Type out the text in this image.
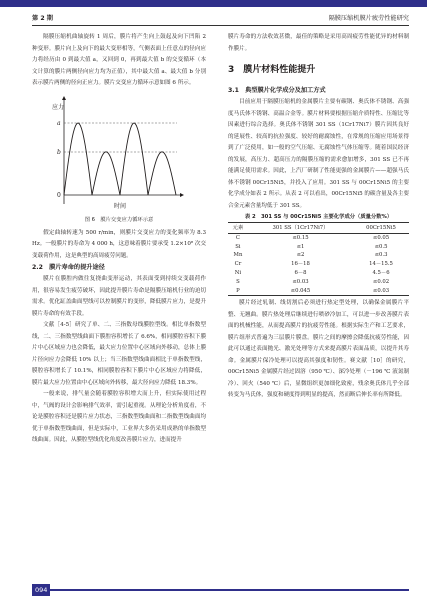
第 2 期	隔膜压缩机膜片疲劳性能研究

隔膜压缩机曲轴旋转 1 周后，膜片将产生向上鼓起及向下凹陷 2 种变形。膜片向上及向下的最大变形相等，气侧表面上任意点的径向应力将经历由 0 到最大值 a，又回到 0，再到最大值 b 的交变循环（本文计算的膜片两侧径向应力均为正值），其中最大值 a、最大值 b 分别表示膜片两侧的径向正应力。膜片交变应力循环示意如图 6 所示。

应力
a
b
0
时间
图 6　膜片交变应力循环示意

假定曲轴转速为 500 r/min，则膜片交变应力的变化频率为 8.3 Hz。一般膜片的寿命为 4 000 h，这意味着膜片要承受 1.2×10⁸ 次交变载荷作用，这是典型的高周疲劳问题。

2.2　膜片寿命的提升途径

膜片在膜腔内做往复挠曲变形运动，其表面受到持续交变载荷作用，很容易发生疲劳破坏，因此提升膜片寿命是隔膜压缩机行业的迫切需求。优化缸盖曲面型线可以控制膜片的变形，降低膜片应力，是提升膜片寿命的有效手段。

文献［4-5］研究了单、二、三指数母线膜腔型线。相比单指数型线，二、三指数型线曲面下膜腔容积增长了 6.6%，相同膜腔容积下膜片中心区域应力也会降低，最大应力位置中心区域向外移动，总体上膜片径向应力会降低 10% 以上；当三指数型线曲面相比于单指数型线，膜腔容积增长了 10.1%，相同膜腔容积下膜片中心区域应力将降低，膜片最大应力位置由中心区域向外转移，最大径向应力降低 18.3%。

一般来说，排气量会随着膜腔容积增大而上升，但实际使用过程中，气阀的设计会影响排气效率，需引起重视。从理论分析角度看，不论是膜腔容积还是膜片应力状态，三指数型线曲面和二指数型线曲面均优于单指数型线曲面，但是实际中，工业界大多仍采用成熟的单指数型线曲面。因此，从膜腔型线优化角度改善膜片应力，进而提升

膜片寿命的方法收效甚微，最佳的策略是采用高周疲劳性能优异的材料制作膜片。

3　膜片材料性能提升
3.1　典型膜片化学成分及加工方式

目前应用于隔膜压缩机的金属膜片主要有碳钢、奥氏体不锈钢、高强度马氏体不锈钢、高温合金等。膜片材料要根据压缩介质特性、压缩比等因素进行综合选择。奥氏体不锈钢 301 SS（1Cr17Ni7）膜片因其良好的延展性、较高的抗拉强度、较好的耐腐蚀性，在常规的压缩应用场景得到了广泛使用，如一般的空气压缩、无腐蚀性气体压缩等。随着国民经济的发展，高压力、超高压力的隔膜压缩的需求愈加增多，301 SS 已不再能满足使用需求。因此，上汽厂研制了性能更强的金属膜片——超强马氏体不锈钢 00Cr15Ni5，并投入了应用。301 SS 与 00Cr15Ni5 的主要化学成分如表 2 所示。从表 2 可以看出，00Cr15Ni5 的碳含量及各主要合金元素含量均低于 301 SS。

表 2　301 SS 与 00Cr15Ni5 主要化学成分（质量分数%）
元素	301 SS（1Cr17Ni7）	00Cr15Ni5
C	≤0.15	≤0.05
Si	≤1	≤0.5
Mn	≤2	≤0.3
Cr	16－18	14－15.5
Ni	6－8	4.5－6
S	≤0.03	≤0.02
P	≤0.045	≤0.03

膜片经过轧制、线切割后必须进行热定型处理，以确保金属膜片平整、无翘曲。膜片热处理后继续进行喷砂冷加工，可以进一步改善膜片表面的机械性能，从而提高膜片的抗疲劳性能。根据实际生产和工艺要求，膜片组形式普遍为三层膜片膜盘。膜片之间的摩擦会降低抗疲劳性能，因此可以通过表面抛光、激光处理等方式来提高膜片表面品质，以提升其寿命。金属膜片保冷处理可以提高其强度和韧性。赛文献［10］的研究，00Cr15Ni5 金属膜片经过固溶（950 ℃）、深冷处理（－196 ℃ 液氮制冷）、回火（540 ℃）后，显微组织更加细化致密，残余奥氏体几乎全部转变为马氏体，强度和硬度得到明显的提高，然而断后伸长率有所降低。

094
